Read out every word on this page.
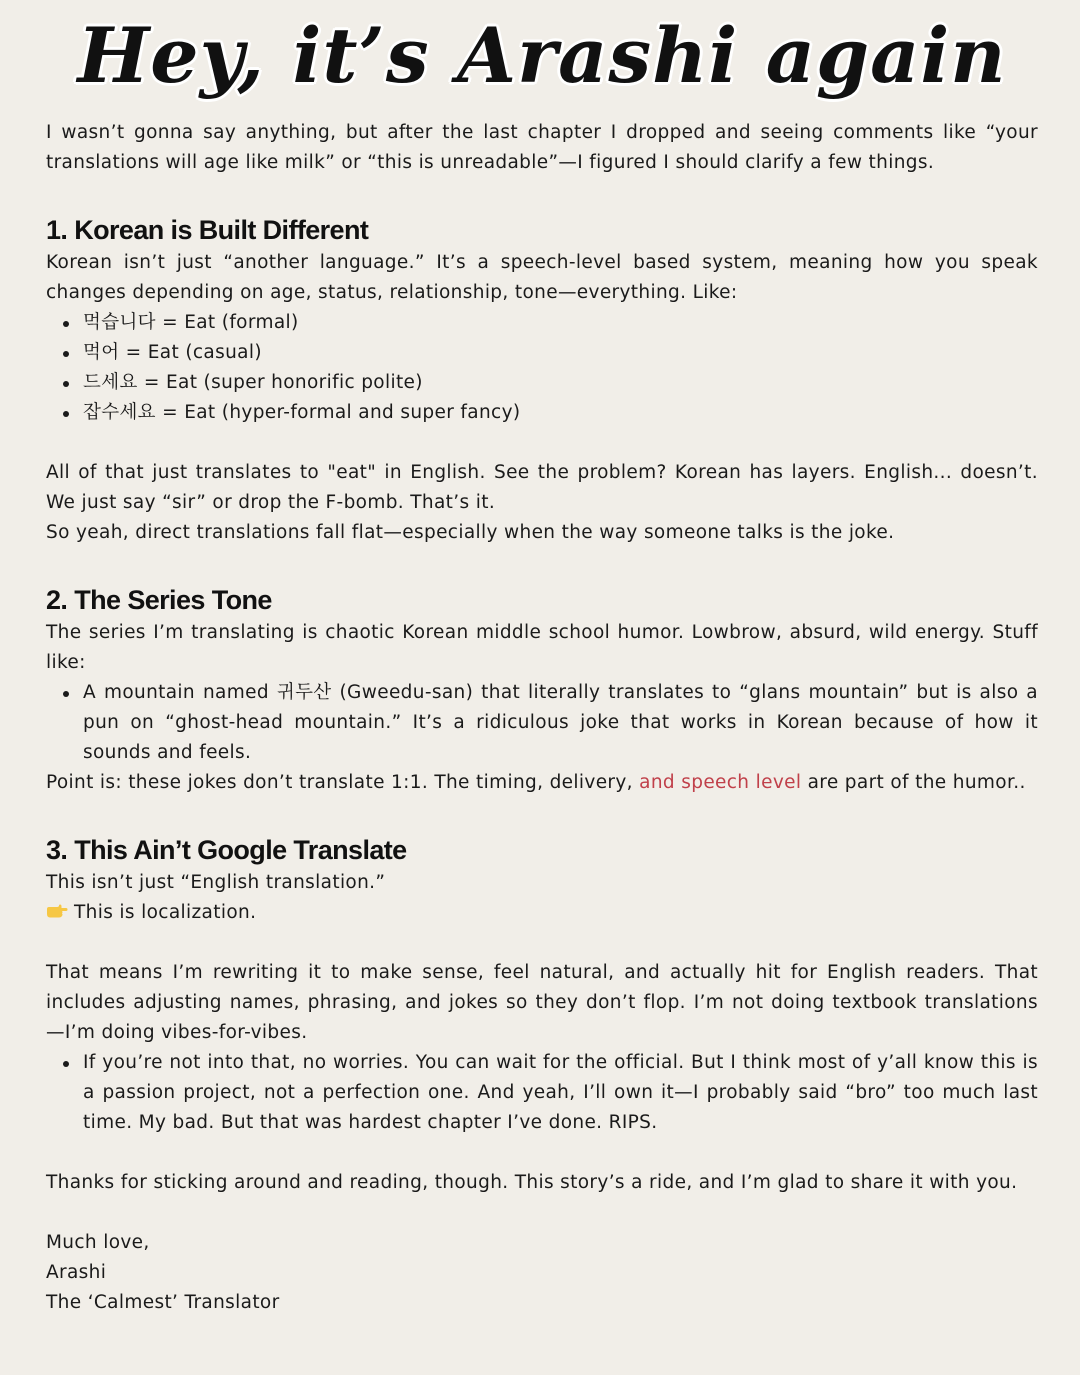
Hey, it’s Arashi again

I wasn’t gonna say anything, but after the last chapter I dropped and seeing comments like “your translations will age like milk” or “this is unreadable”—I figured I should clarify a few things.

1. Korean is Built Different

Korean isn’t just “another language.” It’s a speech-level based system, meaning how you speak changes depending on age, status, relationship, tone—everything. Like:

먹습니다 = Eat (formal)
먹어 = Eat (casual)
드세요 = Eat (super honorific polite)
잡수세요 = Eat (hyper-formal and super fancy)

All of that just translates to "eat" in English. See the problem? Korean has layers. English... doesn’t. We just say “sir” or drop the F-bomb. That’s it.

So yeah, direct translations fall flat—especially when the way someone talks is the joke.

2. The Series Tone

The series I’m translating is chaotic Korean middle school humor. Lowbrow, absurd, wild energy. Stuff like:

A mountain named 귀두산 (Gweedu-san) that literally translates to “glans mountain” but is also a pun on “ghost-head mountain.” It’s a ridiculous joke that works in Korean because of how it sounds and feels.

Point is: these jokes don’t translate 1:1. The timing, delivery, and speech level are part of the humor..

3. This Ain’t Google Translate

This isn’t just “English translation.”

This is localization.

That means I’m rewriting it to make sense, feel natural, and actually hit for English readers. That includes adjusting names, phrasing, and jokes so they don’t flop. I’m not doing textbook translations —I’m doing vibes-for-vibes.

If you’re not into that, no worries. You can wait for the official. But I think most of y’all know this is a passion project, not a perfection one. And yeah, I’ll own it—I probably said “bro” too much last time. My bad. But that was hardest chapter I’ve done. RIPS.

Thanks for sticking around and reading, though. This story’s a ride, and I’m glad to share it with you.

Much love,

Arashi

The ‘Calmest’ Translator
